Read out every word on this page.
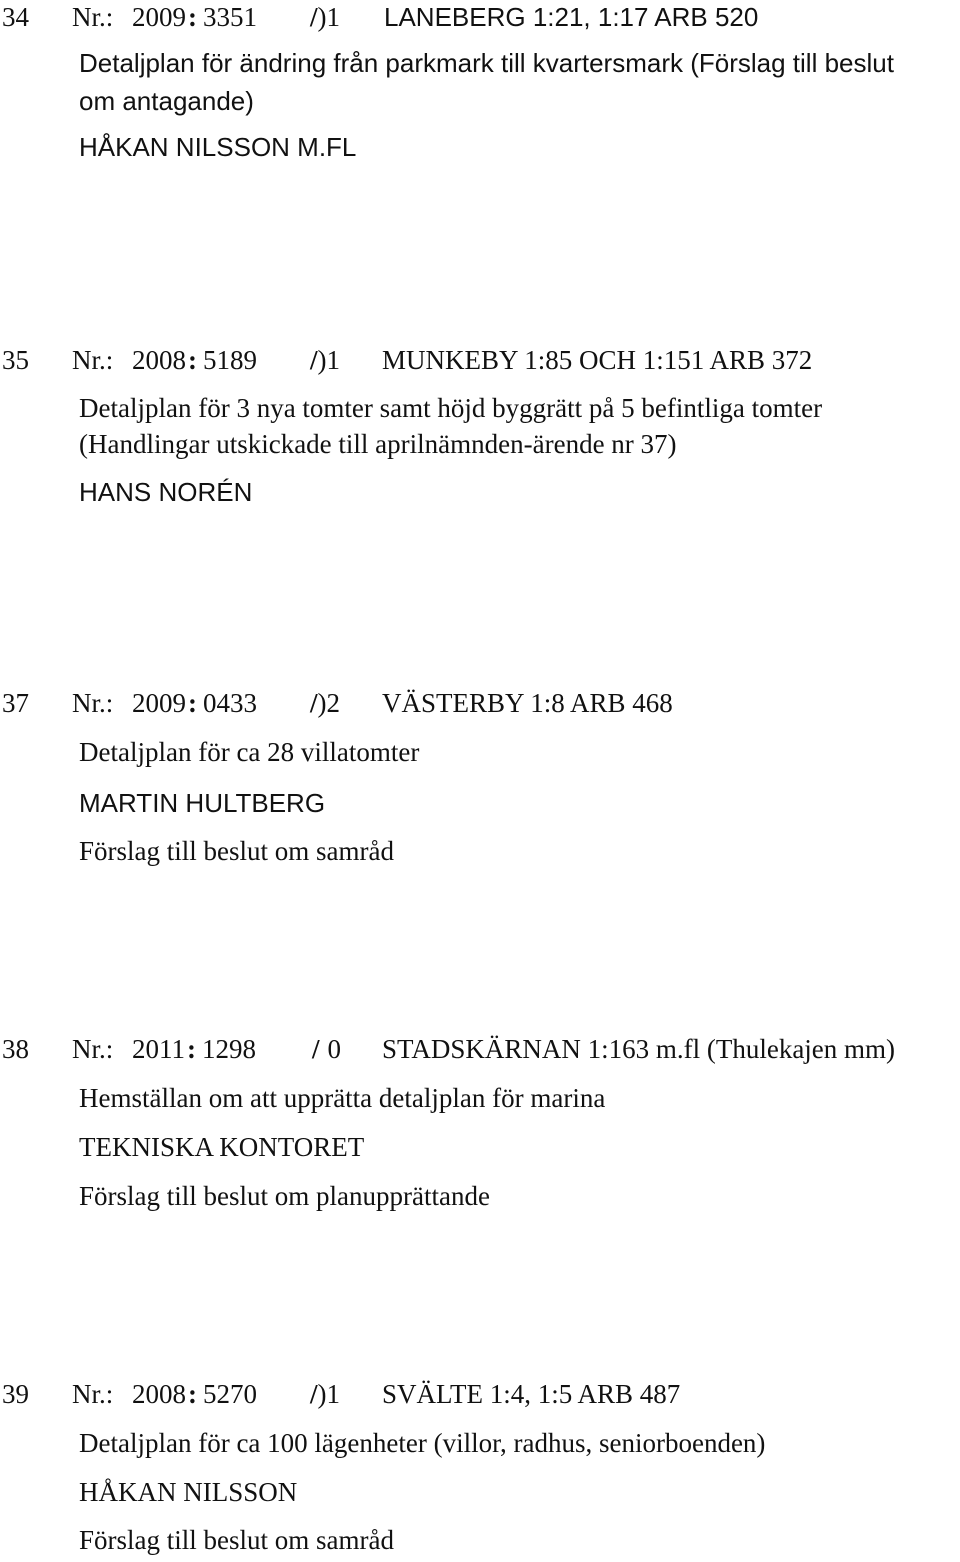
34 Nr.: 2009: 3351 /)1 LANEBERG 1:21, 1:17 ARB 520
Detaljplan för ändring från parkmark till kvartersmark (Förslag till beslut
om antagande)
HÅKAN NILSSON M.FL
35 Nr.: 2008: 5189 /)1 MUNKEBY 1:85 OCH 1:151 ARB 372
Detaljplan för 3 nya tomter samt höjd byggrätt på 5 befintliga tomter
(Handlingar utskickade till aprilnämnden-ärende nr 37)
HANS NORÉN
37 Nr.: 2009: 0433 /)2 VÄSTERBY 1:8 ARB 468
Detaljplan för ca 28 villatomter
MARTIN HULTBERG
Förslag till beslut om samråd
38 Nr.: 2011: 1298 / 0 STADSKÄRNAN 1:163 m.fl (Thulekajen mm)
Hemställan om att upprätta detaljplan för marina
TEKNISKA KONTORET
Förslag till beslut om planupprättande
39 Nr.: 2008: 5270 /)1 SVÄLTE 1:4, 1:5 ARB 487
Detaljplan för ca 100 lägenheter (villor, radhus, seniorboenden)
HÅKAN NILSSON
Förslag till beslut om samråd
